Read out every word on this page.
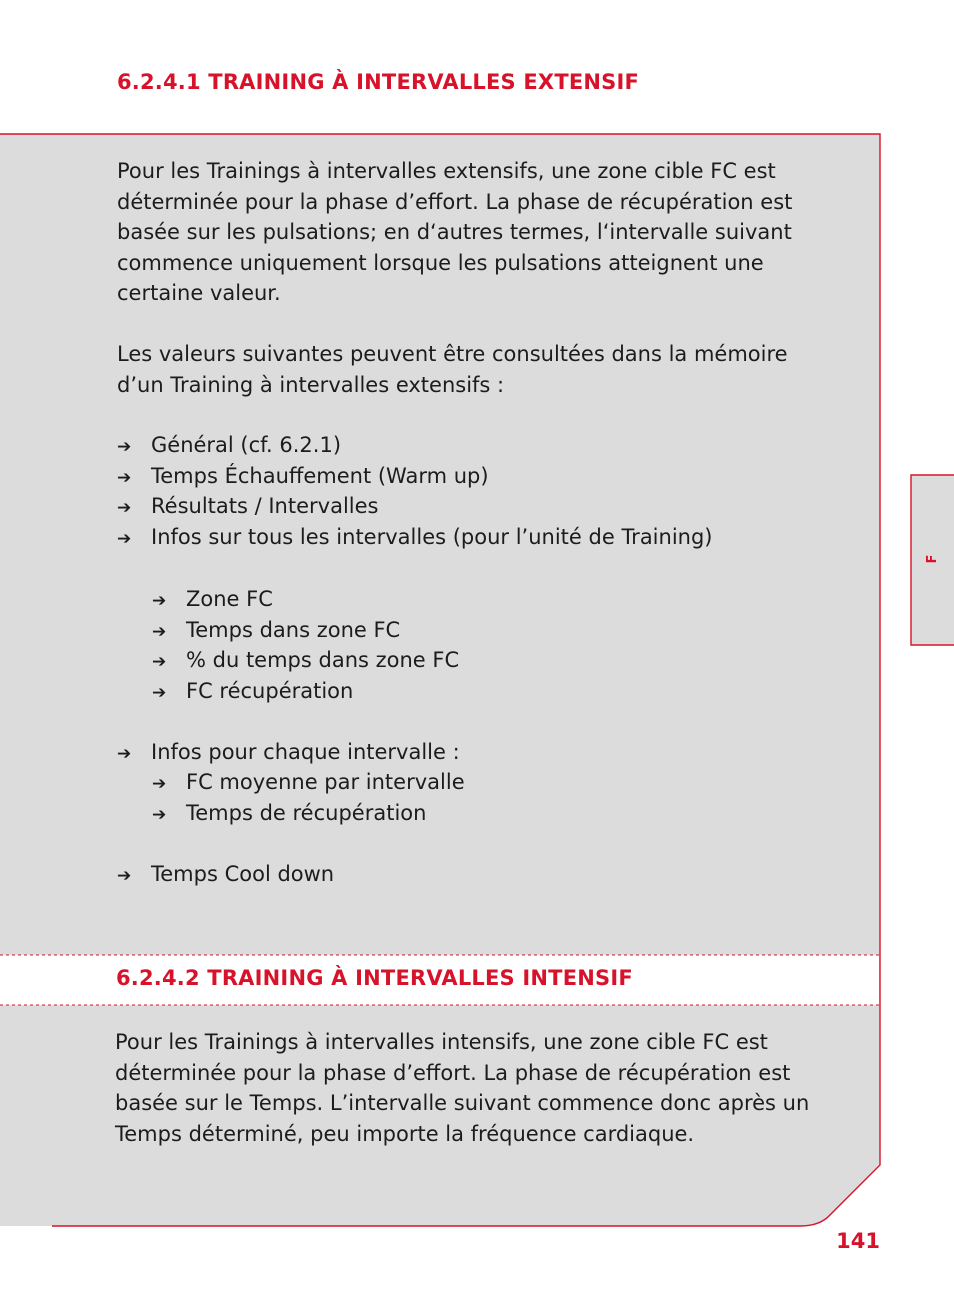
6.2.4.1 TRAINING À INTERVALLES EXTENSIF

Pour les Trainings à intervalles extensifs, une zone cible FC est déterminée pour la phase d’effort. La phase de récupération est basée sur les pulsations; en d‘autres termes, l‘intervalle suivant commence uniquement lorsque les pulsations atteignent une certaine valeur.

Les valeurs suivantes peuvent être consultées dans la mémoire d’un Training à intervalles extensifs :

➔ Général (cf. 6.2.1)
➔ Temps Échauffement (Warm up)
➔ Résultats / Intervalles
➔ Infos sur tous les intervalles (pour l’unité de Training)
➔ Zone FC
➔ Temps dans zone FC
➔ % du temps dans zone FC
➔ FC récupération
➔ Infos pour chaque intervalle :
➔ FC moyenne par intervalle
➔ Temps de récupération
➔ Temps Cool down
6.2.4.2 TRAINING À INTERVALLES INTENSIF

Pour les Trainings à intervalles intensifs, une zone cible FC est déterminée pour la phase d’effort. La phase de récupération est basée sur le Temps. L’intervalle suivant commence donc après un Temps déterminé, peu importe la fréquence cardiaque.

F
141
